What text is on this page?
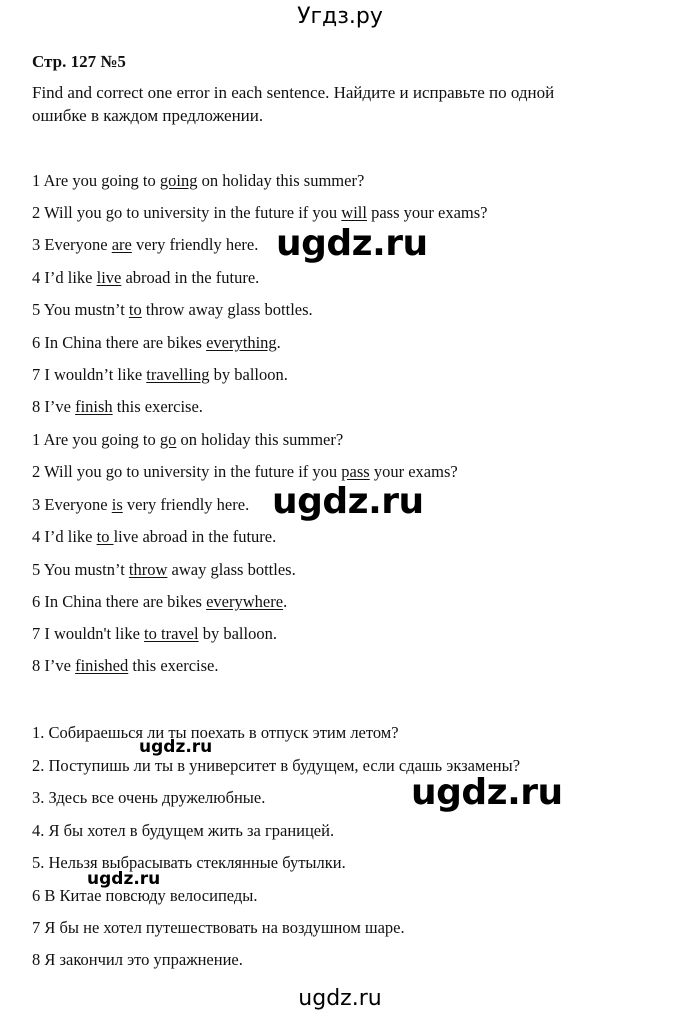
Угдз.ру
Стр. 127 №5
Find and correct one error in each sentence. Найдите и исправьте по одной ошибке в каждом предложении.
1 Are you going to going on holiday this summer?
2 Will you go to university in the future if you will pass your exams?
3 Everyone are very friendly here.
4 I’d like live abroad in the future.
5 You mustn’t to throw away glass bottles.
6 In China there are bikes everything.
7 I wouldn’t like travelling by balloon.
8 I’ve finish this exercise.
1 Are you going to go on holiday this summer?
2 Will you go to university in the future if you pass your exams?
3 Everyone is very friendly here.
4 I’d like to live abroad in the future.
5 You mustn’t throw away glass bottles.
6 In China there are bikes everywhere.
7 I wouldn't like to travel by balloon.
8 I’ve finished this exercise.
1. Собираешься ли ты поехать в отпуск этим летом?
2. Поступишь ли ты в университет в будущем, если сдашь экзамены?
3. Здесь все очень дружелюбные.
4. Я бы хотел в будущем жить за границей.
5. Нельзя выбрасывать стеклянные бутылки.
6 В Китае повсюду велосипеды.
7 Я бы не хотел путешествовать на воздушном шаре.
8 Я закончил это упражнение.
ugdz.ru
ugdz.ru
ugdz.ru
ugdz.ru
ugdz.ru
ugdz.ru
